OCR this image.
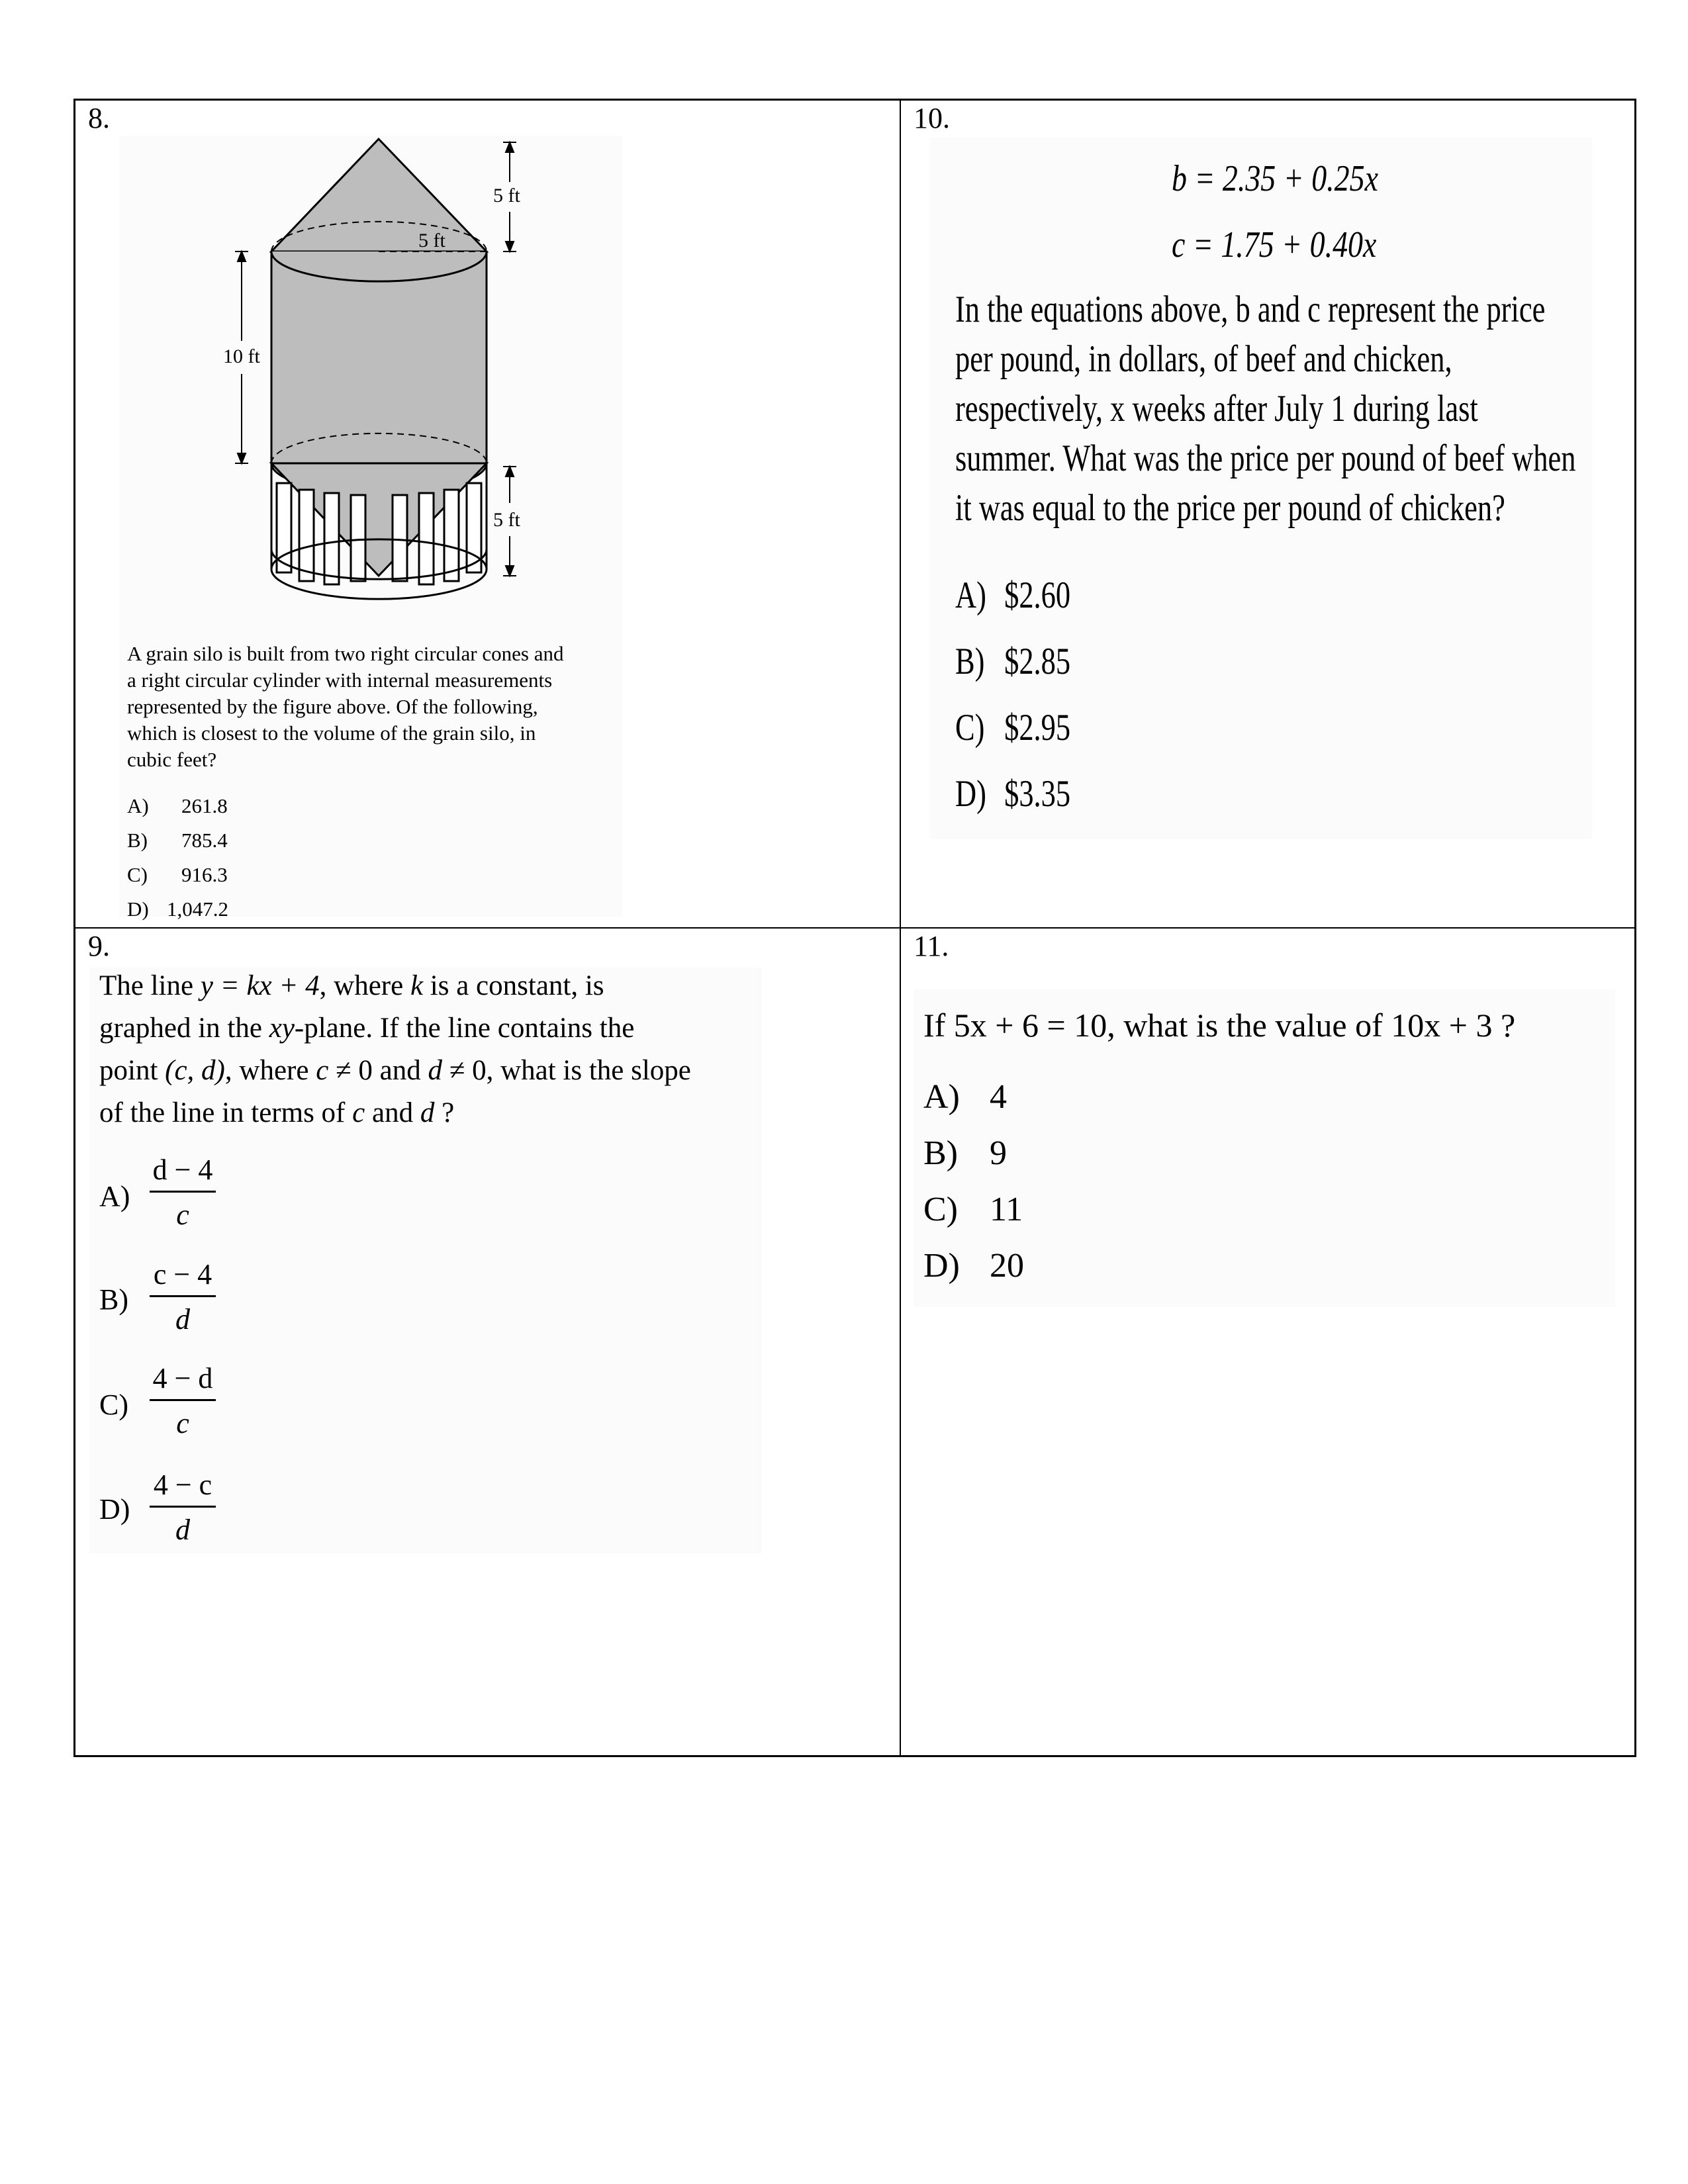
8.
5 ft
5 ft
10 ft
5 ft
A grain silo is built from two right circular cones and
a right circular cylinder with internal measurements
represented by the figure above. Of the following,
which is closest to the volume of the grain silo, in
cubic feet?
A) 261.8
B) 785.4
C) 916.3
D) 1,047.2
10.
b = 2.35 + 0.25x
c = 1.75 + 0.40x
In the equations above, b and c represent the price
per pound, in dollars, of beef and chicken,
respectively, x weeks after July 1 during last
summer. What was the price per pound of beef when
it was equal to the price per pound of chicken?
A) $2.60
B) $2.85
C) $2.95
D) $3.35
9.
The line y = kx + 4, where k is a constant, is
graphed in the xy-plane. If the line contains the
point (c, d), where c ≠ 0 and d ≠ 0, what is the slope
of the line in terms of c and d ?
A)
d − 4
c
B)
c − 4
d
C)
4 − d
c
D)
4 − c
d
11.
If 5x + 6 = 10, what is the value of 10x + 3 ?
A) 4
B) 9
C) 11
D) 20
